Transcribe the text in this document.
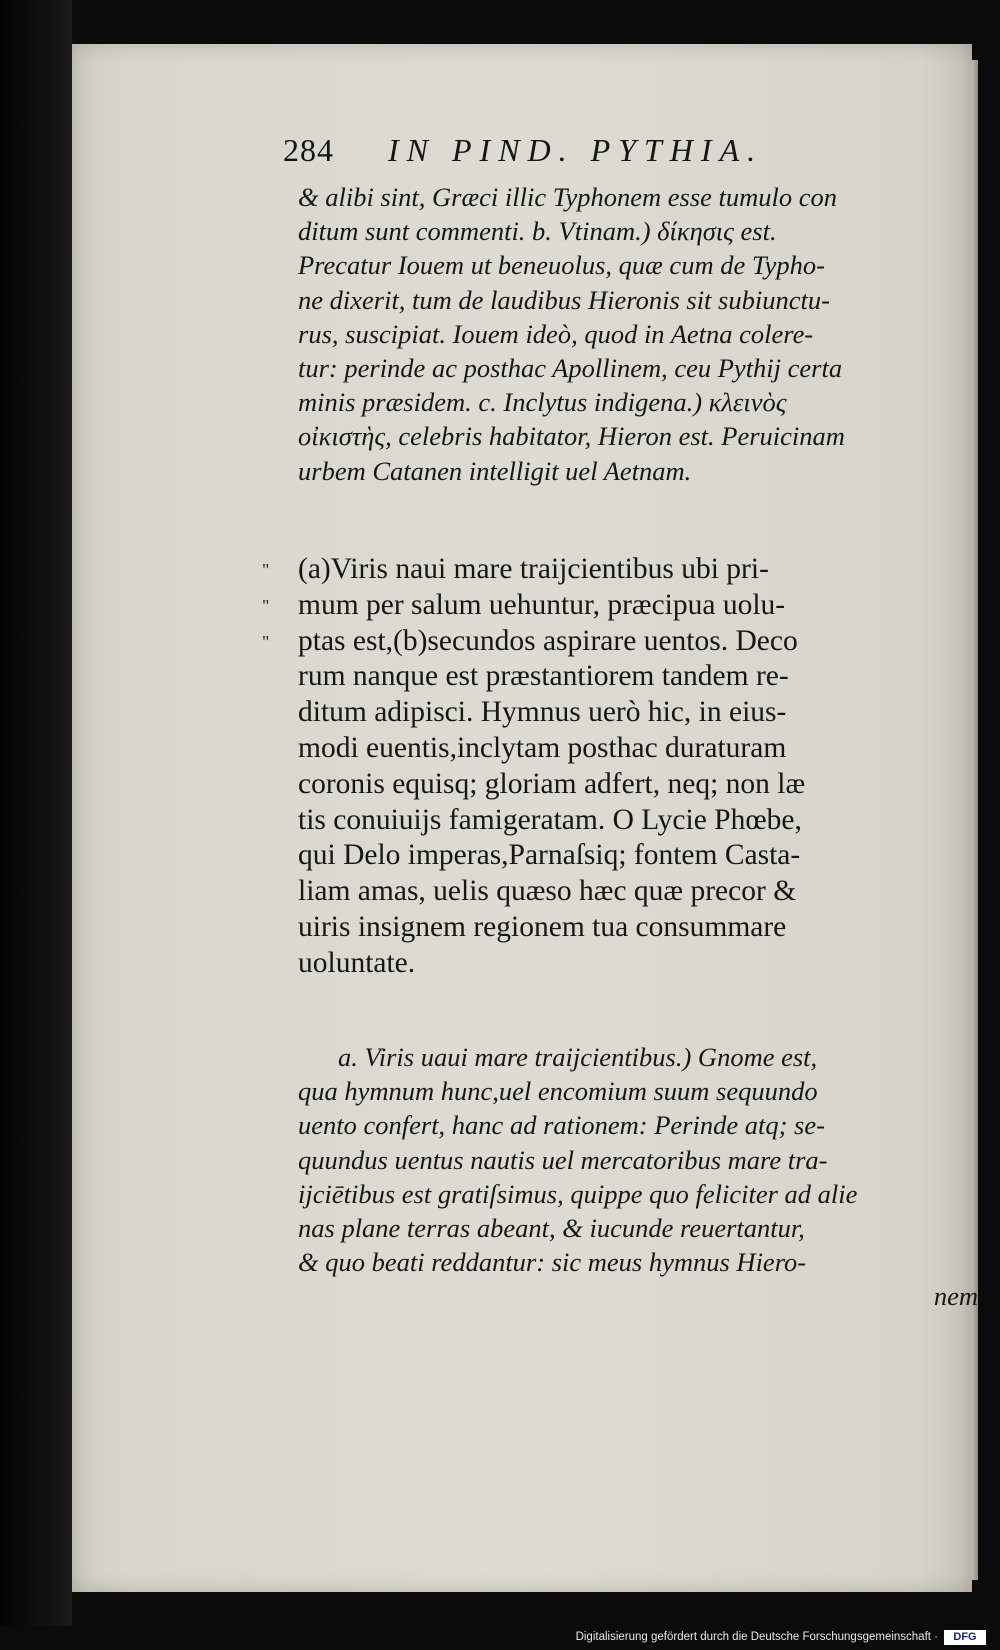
284 IN PIND. PYTHIA.
& alibi sint, Græci illic Typhonem esse tumulo con
ditum sunt commenti. b. Vtinam.) δίκησις est.
Precatur Iouem ut beneuolus, quæ cum de Typho-
ne dixerit, tum de laudibus Hieronis sit subiunctu-
rus, suscipiat. Iouem ideò, quod in Aetna colere-
tur: perinde ac posthac Apollinem, ceu Pythij certa
minis præsidem. c. Inclytus indigena.) κλεινὸς
οἰκιστὴς, celebris habitator, Hieron est. Peruicinam
urbem Catanen intelligit uel Aetnam.
"
"
"
(a)Viris naui mare traijcientibus ubi pri-
mum per salum uehuntur, præcipua uolu-
ptas est,(b)secundos aspirare uentos. Deco
rum nanque est præstantiorem tandem re-
ditum adipisci. Hymnus uerò hic, in eius-
modi euentis,inclytam posthac duraturam
coronis equisq; gloriam adfert, neq; non læ
tis conuiuijs famigeratam. O Lycie Phœbe,
qui Delo imperas,Parnaſsiq; fontem Casta-
liam amas, uelis quæso hæc quæ precor &
uiris insignem regionem tua consummare
uoluntate.
a. Viris uaui mare traijcientibus.) Gnome est,
qua hymnum hunc,uel encomium suum sequundo
uento confert, hanc ad rationem: Perinde atq; se-
quundus uentus nautis uel mercatoribus mare tra-
ijciētibus est gratiſsimus, quippe quo feliciter ad alie
nas plane terras abeant, & iucunde reuertantur,
& quo beati reddantur: sic meus hymnus Hiero-
nem
Digitalisierung gefördert durch die Deutsche Forschungsgemeinschaft ·	DFG
